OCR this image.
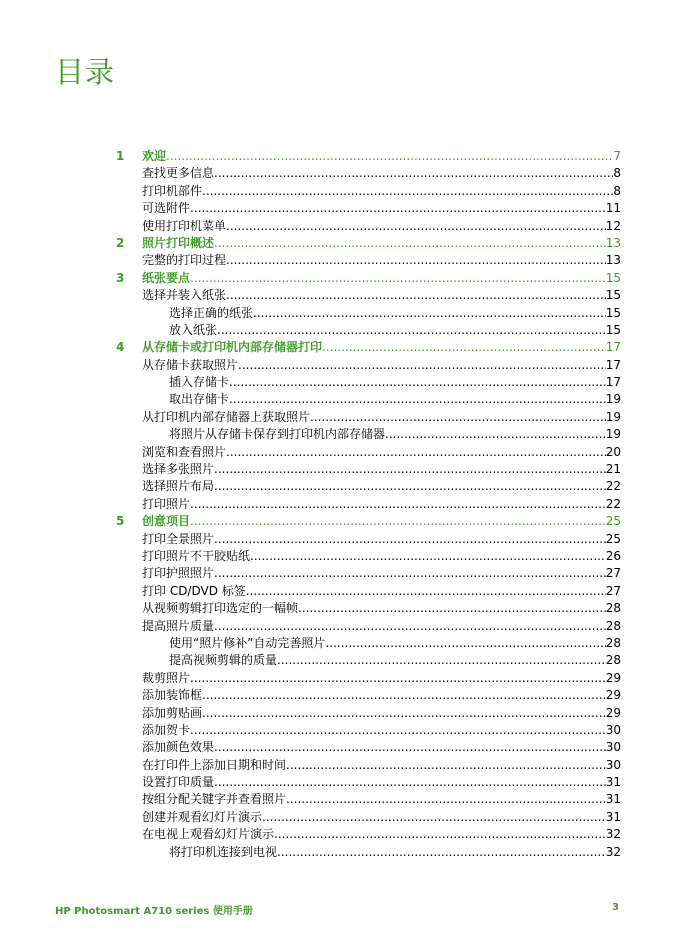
目录
1	欢迎 .....	7
查找更多信息 .....	8
打印机部件 .....	8
可选附件 .....	11
使用打印机菜单 .....	12
2	照片打印概述 .....	13
完整的打印过程 .....	13
3	纸张要点 .....	15
选择并装入纸张 .....	15
选择正确的纸张 .....	15
放入纸张 .....	15
4	从存储卡或打印机内部存储器打印 .....	17
从存储卡获取照片 .....	17
插入存储卡 .....	17
取出存储卡 .....	19
从打印机内部存储器上获取照片 .....	19
将照片从存储卡保存到打印机内部存储器 .....	19
浏览和查看照片 .....	20
选择多张照片 .....	21
选择照片布局 .....	22
打印照片 .....	22
5	创意项目 .....	25
打印全景照片 .....	25
打印照片不干胶贴纸 .....	26
打印护照照片 .....	27
打印 CD/DVD 标签 .....	27
从视频剪辑打印选定的一幅帧 .....	28
提高照片质量 .....	28
使用“照片修补”自动完善照片 .....	28
提高视频剪辑的质量 .....	28
裁剪照片 .....	29
添加装饰框 .....	29
添加剪贴画 .....	29
添加贺卡 .....	30
添加颜色效果 .....	30
在打印件上添加日期和时间 .....	30
设置打印质量 .....	31
按组分配关键字并查看照片 .....	31
创建并观看幻灯片演示 .....	31
在电视上观看幻灯片演示 .....	32
将打印机连接到电视 .....	32
HP Photosmart A710 series 使用手册	3
